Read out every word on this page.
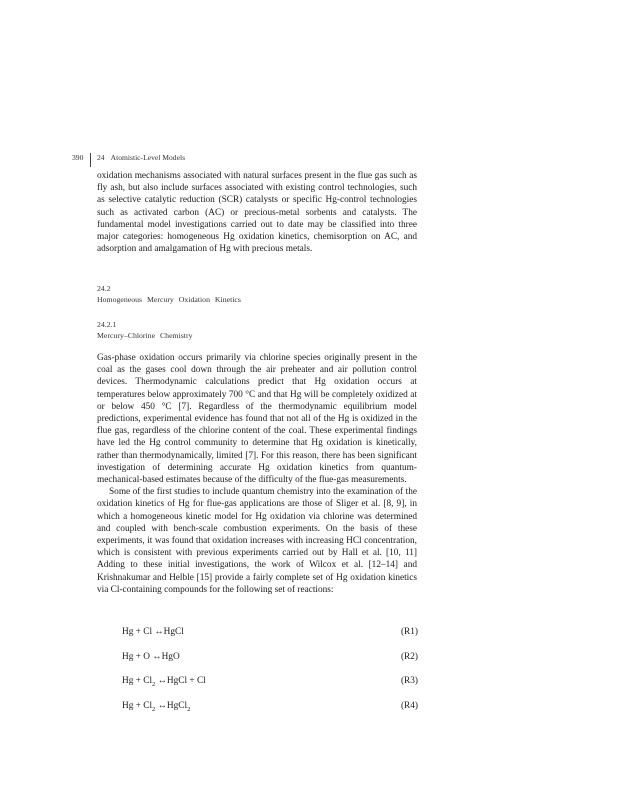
390	24 Atomistic-Level Models

oxidation mechanisms associated with natural surfaces present in the flue gas such as fly ash, but also include surfaces associated with existing control technologies, such as selective catalytic reduction (SCR) catalysts or specific Hg-control technologies such as activated carbon (AC) or precious-metal sorbents and catalysts. The fundamental model investigations carried out to date may be classified into three major categories: homogeneous Hg oxidation kinetics, chemisorption on AC, and adsorption and amalgamation of Hg with precious metals.

24.2
Homogeneous Mercury Oxidation Kinetics
24.2.1
Mercury–Chlorine Chemistry

Gas-phase oxidation occurs primarily via chlorine species originally present in the coal as the gases cool down through the air preheater and air pollution control devices. Thermodynamic calculations predict that Hg oxidation occurs at temperatures below approximately 700 °C and that Hg will be completely oxidized at or below 450 °C [7]. Regardless of the thermodynamic equilibrium model predictions, experimental evidence has found that not all of the Hg is oxidized in the flue gas, regardless of the chlorine content of the coal. These experimental findings have led the Hg control community to determine that Hg oxidation is kinetically, rather than thermodynamically, limited [7]. For this reason, there has been significant investigation of determining accurate Hg oxidation kinetics from quantum-mechanical-based estimates because of the difficulty of the flue-gas measurements.

Some of the first studies to include quantum chemistry into the examination of the oxidation kinetics of Hg for flue-gas applications are those of Sliger et al. [8, 9], in which a homogeneous kinetic model for Hg oxidation via chlorine was determined and coupled with bench-scale combustion experiments. On the basis of these experiments, it was found that oxidation increases with increasing HCl concentration, which is consistent with previous experiments carried out by Hall et al. [10, 11] Adding to these initial investigations, the work of Wilcox et al. [12–14] and Krishnakumar and Helble [15] provide a fairly complete set of Hg oxidation kinetics via Cl-containing compounds for the following set of reactions:

Hg + Cl ↔HgCl	(R1)
Hg + O ↔HgO	(R2)
$Hg + Cl_2$ ↔HgCl + Cl	(R3)
$Hg + Cl_2$ ↔HgCl$_2$	(R4)
